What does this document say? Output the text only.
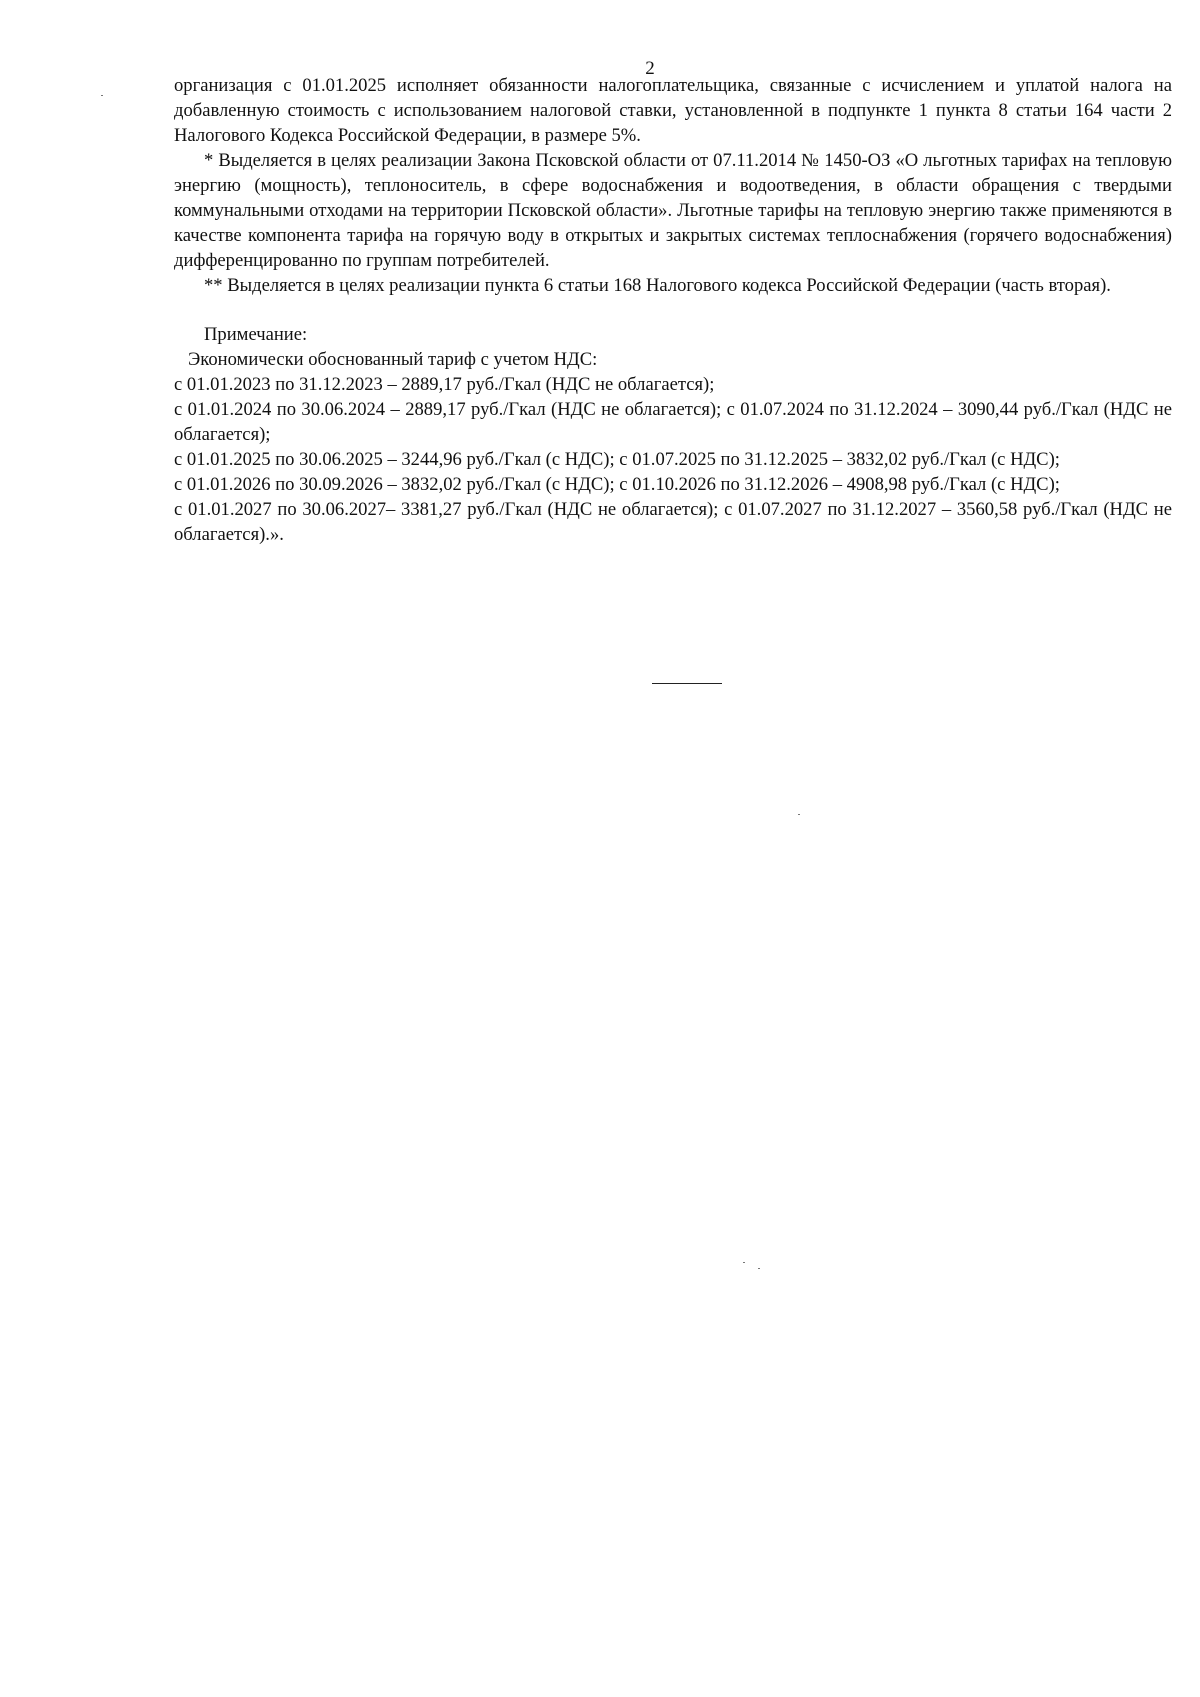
2

организация с 01.01.2025 исполняет обязанности налогоплательщика, связанные с исчислением и уплатой налога на добавленную стоимость с использованием налоговой ставки, установленной в подпункте 1 пункта 8 статьи 164 части 2 Налогового Кодекса Российской Федерации, в размере 5%.

* Выделяется в целях реализации Закона Псковской области от 07.11.2014 № 1450-ОЗ «О льготных тарифах на тепловую энергию (мощность), теплоноситель, в сфере водоснабжения и водоотведения, в области обращения с твердыми коммунальными отходами на территории Псковской области». Льготные тарифы на тепловую энергию также применяются в качестве компонента тарифа на горячую воду в открытых и закрытых системах теплоснабжения (горячего водоснабжения) дифференцированно по группам потребителей.

** Выделяется в целях реализации пункта 6 статьи 168 Налогового кодекса Российской Федерации (часть вторая).

Примечание:

Экономически обоснованный тариф с учетом НДС:

с 01.01.2023 по 31.12.2023 – 2889,17 руб./Гкал (НДС не облагается);

с 01.01.2024 по 30.06.2024 – 2889,17 руб./Гкал (НДС не облагается); с 01.07.2024 по 31.12.2024 – 3090,44 руб./Гкал (НДС не облагается);

с 01.01.2025 по 30.06.2025 – 3244,96 руб./Гкал (с НДС); с 01.07.2025 по 31.12.2025 – 3832,02 руб./Гкал (с НДС);

с 01.01.2026 по 30.09.2026 – 3832,02 руб./Гкал (с НДС); с 01.10.2026 по 31.12.2026 – 4908,98 руб./Гкал (с НДС);

с 01.01.2027 по 30.06.2027– 3381,27 руб./Гкал (НДС не облагается); с 01.07.2027 по 31.12.2027 – 3560,58 руб./Гкал (НДС не облагается).».
